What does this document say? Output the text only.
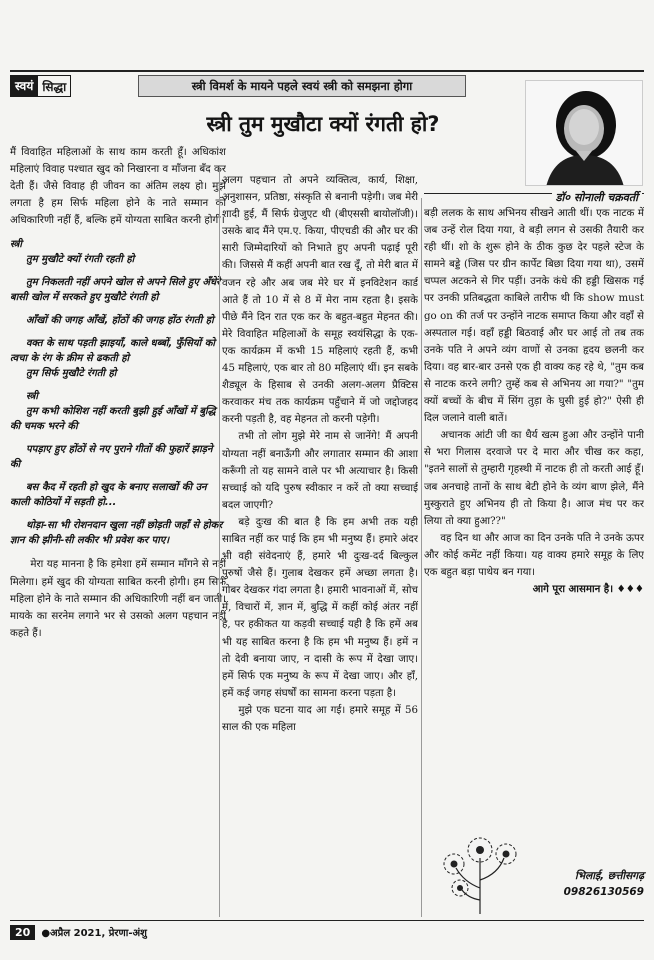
स्वयं सिद्धा	स्त्री विमर्श के मायने पहले स्वयं स्त्री को समझना होगा
स्त्री तुम मुखौटा क्यों रंगती हो?
डॉ० सोनाली चक्रवर्ती

मैं विवाहित महिलाओं के साथ काम करती हूँ। अधिकांश महिलाएं विवाह पश्चात खुद को निखारना व माँजना बँद कर देती हैं। जैसे विवाह ही जीवन का अंतिम लक्ष्य हो। मुझे लगता है हम सिर्फ महिला होने के नाते सम्मान की अधिकारिणी नहीं हैं, बल्कि हमें योग्यता साबित करनी होगी।

स्त्री

तुम मुखौटे क्यों रंगती रहती हो

तुम निकलती नहीं अपने खोल से अपने सिले हुए अँधेरे बासी खोल में सरकते हुए मुखौटे रंगती हो

आँखों की जगह आँखें, होंठों की जगह होंठ रंगती हो

वक्त के साथ पड़ती झाइयाँ, काले धब्बों, फुँसियों को त्वचा के रंग के क्रीम से ढकती हो

तुम सिर्फ मुखौटे रंगती हो

स्त्री

तुम कभी कोशिश नहीं करती बुझी हुई आँखों में बुद्धि की चमक भरने की

पपड़ाए हुए होंठों से नए पुराने गीतों की फुहारें झाड़ने की

बस कैद में रहती हो खुद के बनाए सलाखों की उन काली कोठियों में सड़ती हो...

थोड़ा-सा भी रोशनदान खुला नहीं छोड़ती जहाँ से होकर ज्ञान की झीनी-सी लकीर भी प्रवेश कर पाए।

मेरा यह मानना है कि हमेशा हमें सम्मान माँगने से नहीं मिलेगा। हमें खुद की योग्यता साबित करनी होगी। हम सिर्फ महिला होने के नाते सम्मान की अधिकारिणी नहीं बन जाती। मायके का सरनेम लगाने भर से उसको अलग पहचान नहीं कहते हैं।

अलग पहचान तो अपने व्यक्तित्व, कार्य, शिक्षा, अनुशासन, प्रतिष्ठा, संस्कृति से बनानी पड़ेगी। जब मेरी शादी हुई, मैं सिर्फ ग्रेजुएट थी (बीएससी बायोलॉजी)। उसके बाद मैंने एम.ए. किया, पीएचडी की और घर की सारी जिम्मेदारियों को निभाते हुए अपनी पढ़ाई पूरी की। जिससे मैं कहीं अपनी बात रख दूँ, तो मेरी बात में वजन रहे और अब जब मेरे घर में इनविटेशन कार्ड आते हैं तो 10 में से 8 में मेरा नाम रहता है। इसके पीछे मैंने दिन रात एक कर के बहुत-बहुत मेहनत की। मेरे विवाहित महिलाओं के समूह स्वयंसिद्धा के एक-एक कार्यक्रम में कभी 15 महिलाएं रहती हैं, कभी 45 महिलाएं, एक बार तो 80 महिलाएं थीं। इन सबके शैड्यूल के हिसाब से उनकी अलग-अलग प्रैक्टिस करवाकर मंच तक कार्यक्रम पहुँचाने में जो जद्दोजहद करनी पड़ती है, वह मेहनत तो करनी पड़ेगी।

तभी तो लोग मुझे मेरे नाम से जानेंगे! मैं अपनी योग्यता नहीं बनाऊँगी और लगातार सम्मान की आशा करूँगी तो यह सामने वाले पर भी अत्याचार है। किसी सच्चाई को यदि पुरुष स्वीकार न करें तो क्या सच्चाई बदल जाएगी?

बड़े दुःख की बात है कि हम अभी तक यही साबित नहीं कर पाई कि हम भी मनुष्य हैं। हमारे अंदर भी वही संवेदनाएं हैं, हमारे भी दुःख-दर्द बिल्कुल पुरुषों जैसे हैं। गुलाब देखकर हमें अच्छा लगता है। गोबर देखकर गंदा लगता है। हमारी भावनाओं में, सोच में, विचारों में, ज्ञान में, बुद्धि में कहीं कोई अंतर नहीं है, पर हकीकत या कड़वी सच्चाई यही है कि हमें अब भी यह साबित करना है कि हम भी मनुष्य हैं। हमें न तो देवी बनाया जाए, न दासी के रूप में देखा जाए। हमें सिर्फ एक मनुष्य के रूप में देखा जाए। और हाँ, हमें कई जगह संघर्षों का सामना करना पड़ता है।

मुझे एक घटना याद आ गई। हमारे समूह में 56 साल की एक महिला

बड़ी ललक के साथ अभिनय सीखने आती थीं। एक नाटक में जब उन्हें रोल दिया गया, वे बड़ी लगन से उसकी तैयारी कर रही थीं। शो के शुरू होने के ठीक कुछ देर पहले स्टेज के सामने बड्डे (जिस पर ग्रीन कार्पेट बिछा दिया गया था), उसमें चप्पल अटकने से गिर पड़ीं। उनके कंधे की हड्डी खिसक गई पर उनकी प्रतिबद्धता काबिले तारीफ थी कि show must go on की तर्ज पर उन्होंने नाटक समाप्त किया और वहाँ से अस्पताल गई। वहाँ हड्डी बिठवाई और घर आई तो तब तक उनके पति ने अपने व्यंग वाणों से उनका हृदय छलनी कर दिया। वह बार-बार उनसे एक ही वाक्य कह रहे थे, "तुम कब से नाटक करने लगी? तुम्हें कब से अभिनय आ गया?" "तुम क्यों बच्चों के बीच में सिंग तुड़ा के घुसी हुई हो?" ऐसी ही दिल जलाने वाली बातें।

अचानक आंटी जी का धैर्य खत्म हुआ और उन्होंने पानी से भरा गिलास दरवाजे पर दे मारा और चीख कर कहा, "इतने सालों से तुम्हारी गृहस्थी में नाटक ही तो करती आई हूँ। जब अनचाहे तानों के साथ बेटी होने के व्यंग बाण झेले, मैंने मुस्कुराते हुए अभिनय ही तो किया है। आज मंच पर कर लिया तो क्या हुआ??"

वह दिन था और आज का दिन उनके पति ने उनके ऊपर और कोई कमेंट नहीं किया। यह वाक्य हमारे समूह के लिए एक बहुत बड़ा पाथेय बन गया।

आगे पूरा आसमान है। ♦♦♦

भिलाई, छत्तीसगढ़
09826130569
20	●अप्रैल 2021, प्रेरणा-अंशु
